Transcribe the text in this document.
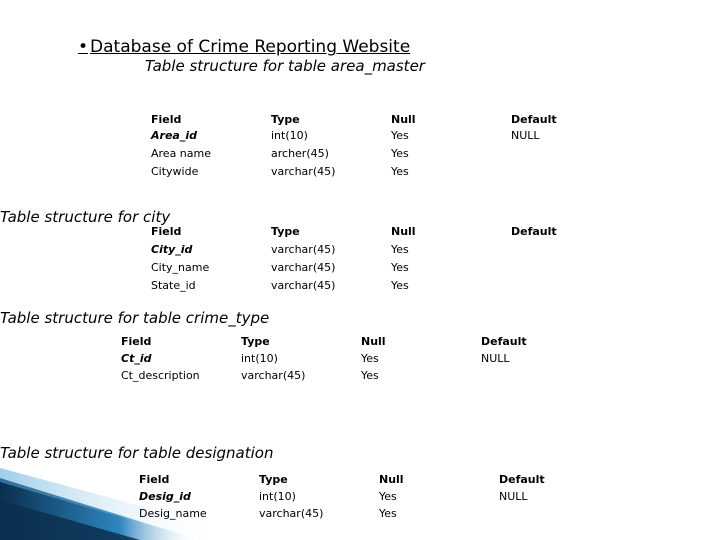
• Database of Crime Reporting Website
Table structure for table area_master
Field	Type	Null	Default
Area_id	int(10)	Yes	NULL
Area name	archer(45)	Yes
Citywide	varchar(45)	Yes
Table structure for city
Field	Type	Null	Default
City_id	varchar(45)	Yes
City_name	varchar(45)	Yes
State_id	varchar(45)	Yes
Table structure for table crime_type
Field	Type	Null	Default
Ct_id	int(10)	Yes	NULL
Ct_description	varchar(45)	Yes
Table structure for table designation
Field	Type	Null	Default
Desig_id	int(10)	Yes	NULL
Desig_name	varchar(45)	Yes
